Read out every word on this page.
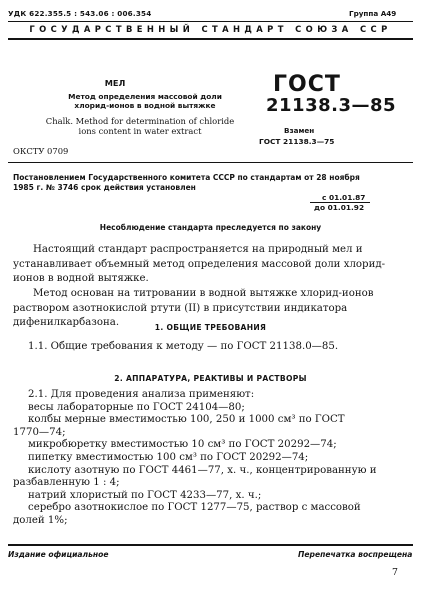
УДК 622.355.5 : 543.06 : 006.354	Группа А49
ГОСУДАРСТВЕННЫЙ СТАНДАРТ СОЮЗА ССР
МЕЛ
Метод определения массовой доли хлорид-ионов в водной вытяжке
Chalk. Method for determination of chloride ions content in water extract
ГОСТ
21138.3—85
Взамен
ГОСТ 21138.3—75
ОКСТУ 0709
Постановлением Государственного комитета СССР по стандартам от 28 ноября 1985 г. № 3746 срок действия установлен
с 01.01.87
до 01.01.92
Несоблюдение стандарта преследуется по закону

Настоящий стандарт распространяется на природный мел и устанавливает объемный метод определения массовой доли хлорид-ионов в водной вытяжке.

Метод основан на титровании в водной вытяжке хлорид-ионов раствором азотнокислой ртути (II) в присутствии индикатора дифенилкарбазона.	1. ОБЩИЕ ТРЕБОВАНИЯ
1.1. Общие требования к методу — по ГОСТ 21138.0—85.
2. АППАРАТУРА, РЕАКТИВЫ И РАСТВОРЫ
2.1. Для проведения анализа применяют:
весы лабораторные по ГОСТ 24104—80;
колбы мерные вместимостью 100, 250 и 1000 см³ по ГОСТ
1770—74;
микробюретку вместимостью 10 см³ по ГОСТ 20292—74;
пипетку вместимостью 100 см³ по ГОСТ 20292—74;
кислоту азотную по ГОСТ 4461—77, х. ч., концентрированную и
разбавленную 1 : 4;
натрий хлористый по ГОСТ 4233—77, х. ч.;
серебро азотнокислое по ГОСТ 1277—75, раствор с массовой
долей 1%;
Издание официальное	Перепечатка воспрещена
7
